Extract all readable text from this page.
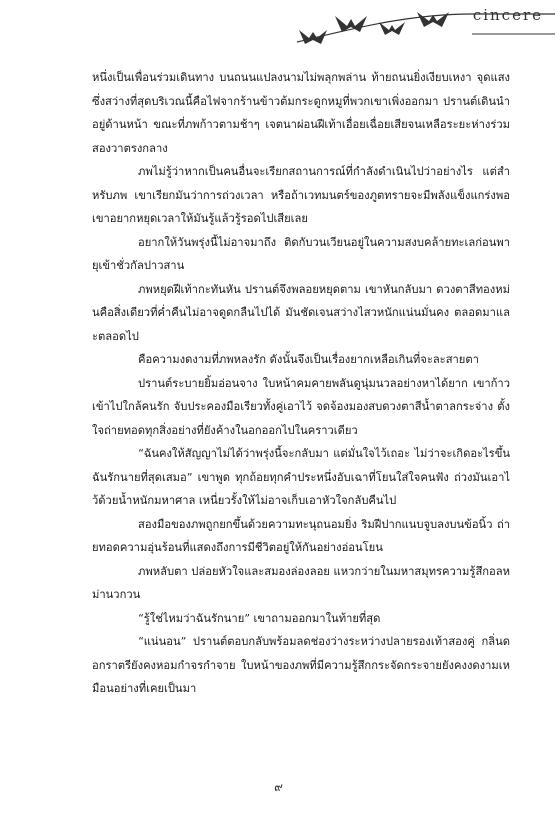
cincere

หนึ่งเป็นเพื่อนร่วมเดินทาง บนถนนแปลงนามไม่พลุกพล่าน ท้ายถนนยิ่งเงียบเหงา จุดแสงซึ่งสว่างที่สุดบริเวณนี้คือไฟจากร้านข้าวต้มกระดูกหมูที่พวกเขาเพิ่งออกมา ปรานต์เดินนำอยู่ด้านหน้า ขณะที่ภพก้าวตามช้าๆ เจตนาผ่อนฝีเท้าเอื่อยเฉื่อยเสียจนเหลือระยะห่างร่วมสองวาตรงกลาง

ภพไม่รู้ว่าหากเป็นคนอื่นจะเรียกสถานการณ์ที่กำลังดำเนินไปว่าอย่างไร แต่สำหรับภพ เขาเรียกมันว่าการถ่วงเวลา หรือถ้าเวทมนตร์ของภูตทรายจะมีพลังแข็งแกร่งพอ เขาอยากหยุดเวลาให้มันรู้แล้วรู้รอดไปเสียเลย

อยากให้วันพรุ่งนี้ไม่อาจมาถึง ติดกับวนเวียนอยู่ในความสงบคล้ายทะเลก่อนพายุเข้าชั่วกัลปาวสาน

ภพหยุดฝีเท้ากะทันหัน ปรานต์จึงพลอยหยุดตาม เขาหันกลับมา ดวงตาสีทองหม่นคือสิ่งเดียวที่ค่ำคืนไม่อาจดูดกลืนไปได้ มันชัดเจนสว่างไสวหนักแน่นมั่นคง ตลอดมาและตลอดไป

คือความงดงามที่ภพหลงรัก ดังนั้นจึงเป็นเรื่องยากเหลือเกินที่จะละสายตา

ปรานต์ระบายยิ้มอ่อนจาง ใบหน้าคมคายพลันดูนุ่มนวลอย่างหาได้ยาก เขาก้าวเข้าไปใกล้คนรัก จับประคองมือเรียวทั้งคู่เอาไว้ จดจ้องมองสบดวงตาสีน้ำตาลกระจ่าง ตั้งใจถ่ายทอดทุกสิ่งอย่างที่ยังค้างในอกออกไปในคราวเดียว

“ฉันคงให้สัญญาไม่ได้ว่าพรุ่งนี้จะกลับมา แต่มั่นใจไว้เถอะ ไม่ว่าจะเกิดอะไรขึ้น ฉันรักนายที่สุดเสมอ” เขาพูด ทุกถ้อยทุกคำประหนึ่งอับเฉาที่โยนใส่ใจคนฟัง ถ่วงมันเอาไว้ด้วยน้ำหนักมหาศาล เหนี่ยวรั้งให้ไม่อาจเก็บเอาหัวใจกลับคืนไป

สองมือของภพถูกยกขึ้นด้วยความทะนุถนอมยิ่ง ริมฝีปากแนบจูบลงบนข้อนิ้ว ถ่ายทอดความอุ่นร้อนที่แสดงถึงการมีชีวิตอยู่ให้กันอย่างอ่อนโยน

ภพหลับตา ปล่อยหัวใจและสมองล่องลอย แหวกว่ายในมหาสมุทรความรู้สึกอลหม่านวกวน

“รู้ใช่ไหมว่าฉันรักนาย” เขาถามออกมาในท้ายที่สุด

“แน่นอน” ปรานต์ตอบกลับพร้อมลดช่องว่างระหว่างปลายรองเท้าสองคู่ กลิ่นดอกราตรียังคงหอมกำจรกำจาย ใบหน้าของภพที่มีความรู้สึกกระจัดกระจายยังคงงดงามเหมือนอย่างที่เคยเป็นมา

๙
